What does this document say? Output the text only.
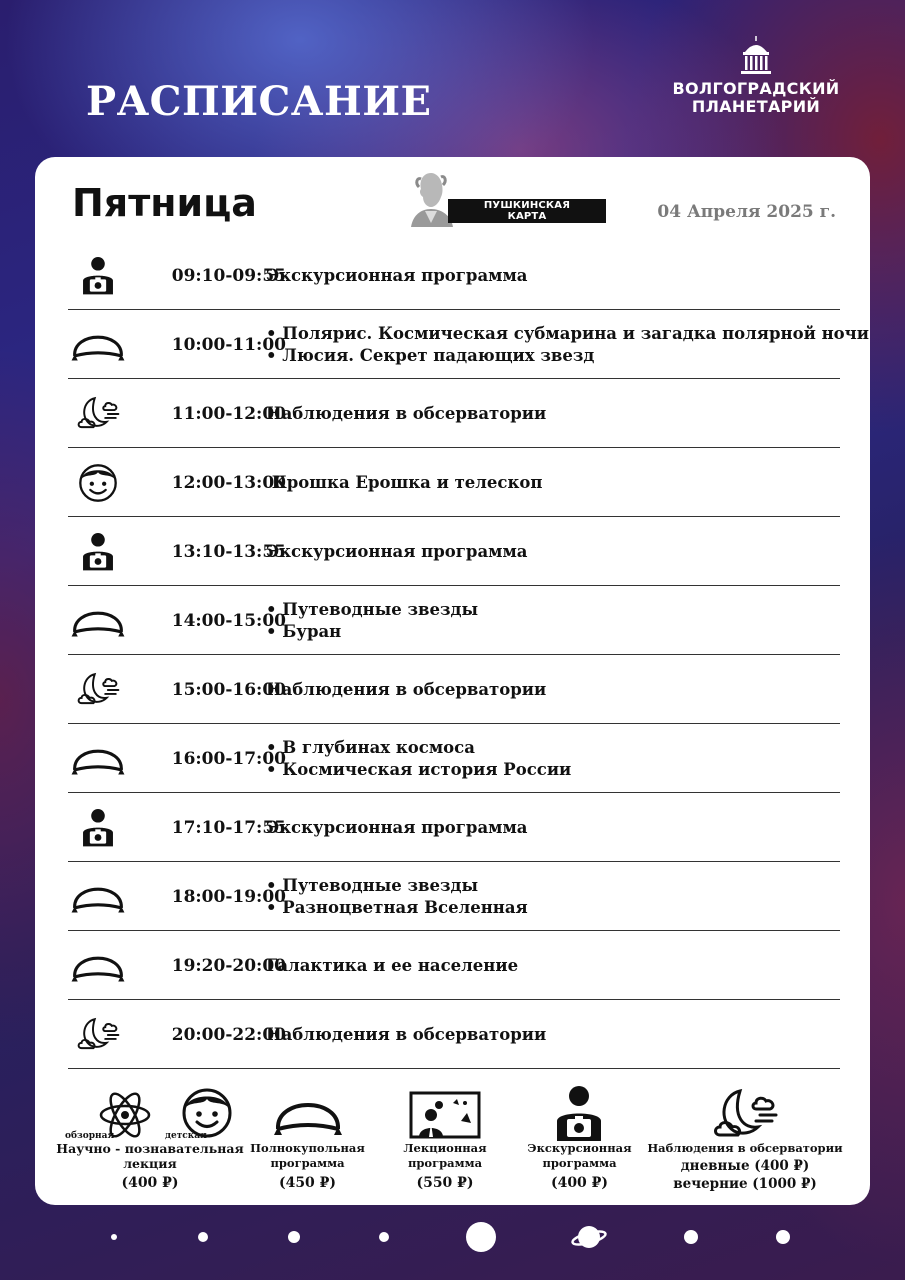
РАСПИСАНИЕ	ВОЛГОГРАДСКИЙ
ПЛАНЕТАРИЙ
Пятница	ПУШКИНСКАЯ
КАРТА	04 Апреля 2025 г.
09:10-09:55
Экскурсионная программа
10:00-11:00
• Полярис. Космическая субмарина и загадка полярной ночи
• Люсия. Секрет падающих звезд
11:00-12:00
Наблюдения в обсерватории
12:00-13:00
Крошка Ерошка и телескоп
13:10-13:55
Экскурсионная программа
14:00-15:00
• Путеводные звезды
• Буран
15:00-16:00
Наблюдения в обсерватории
16:00-17:00
• В глубинах космоса
• Космическая история России
17:10-17:55
Экскурсионная программа
18:00-19:00
• Путеводные звезды
• Разноцветная Вселенная
19:20-20:00
Галактика и ее население
20:00-22:00
Наблюдения в обсерватории
обзорная	детская
Научно - познавательная
лекция
(400 ₽)
Полнокупольная
программа
(450 ₽)
Лекционная
программа
(550 ₽)
Экскурсионная
программа
(400 ₽)
Наблюдения в обсерватории
дневные (400 ₽)
вечерние (1000 ₽)
